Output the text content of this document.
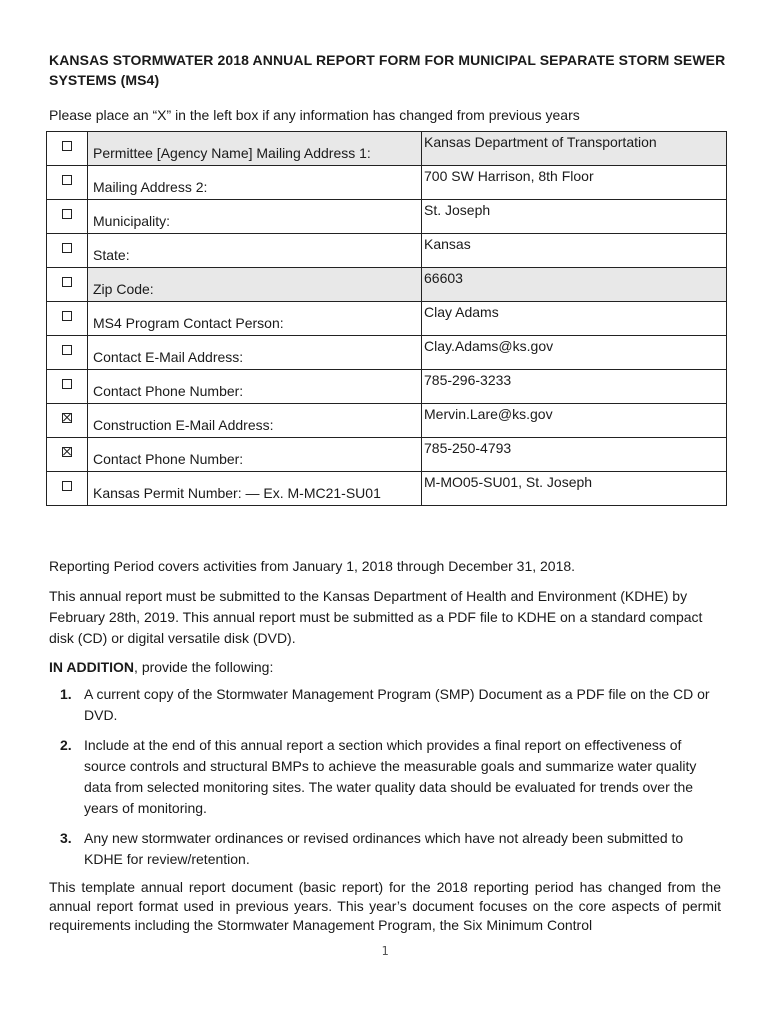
KANSAS STORMWATER 2018 ANNUAL REPORT FORM FOR MUNICIPAL SEPARATE STORM SEWER SYSTEMS (MS4)
Please place an “X” in the left box if any information has changed from previous years

	Permittee [Agency Name] Mailing Address 1:	Kansas Department of Transportation

	Mailing Address 2:	700 SW Harrison, 8th Floor

	Municipality:	St. Joseph

	State:	Kansas

	Zip Code:	66603

	MS4 Program Contact Person:	Clay Adams

	Contact E-Mail Address:	Clay.Adams@ks.gov

	Contact Phone Number:	785-296-3233

	Construction E-Mail Address:	Mervin.Lare@ks.gov

	Contact Phone Number:	785-250-4793

	Kansas Permit Number: — Ex. M-MC21-SU01	M-MO05-SU01, St. Joseph
Reporting Period covers activities from January 1, 2018 through December 31, 2018.
This annual report must be submitted to the Kansas Department of Health and Environment (KDHE) by February 28th, 2019. This annual report must be submitted as a PDF file to KDHE on a standard compact disk (CD) or digital versatile disk (DVD).
IN ADDITION, provide the following:
1. A current copy of the Stormwater Management Program (SMP) Document as a PDF file on the CD or DVD.
2. Include at the end of this annual report a section which provides a final report on effectiveness of source controls and structural BMPs to achieve the measurable goals and summarize water quality data from selected monitoring sites. The water quality data should be evaluated for trends over the years of monitoring.
3. Any new stormwater ordinances or revised ordinances which have not already been submitted to KDHE for review/retention.
This template annual report document (basic report) for the 2018 reporting period has changed from the annual report format used in previous years. This year’s document focuses on the core aspects of permit requirements including the Stormwater Management Program, the Six Minimum Control
1
